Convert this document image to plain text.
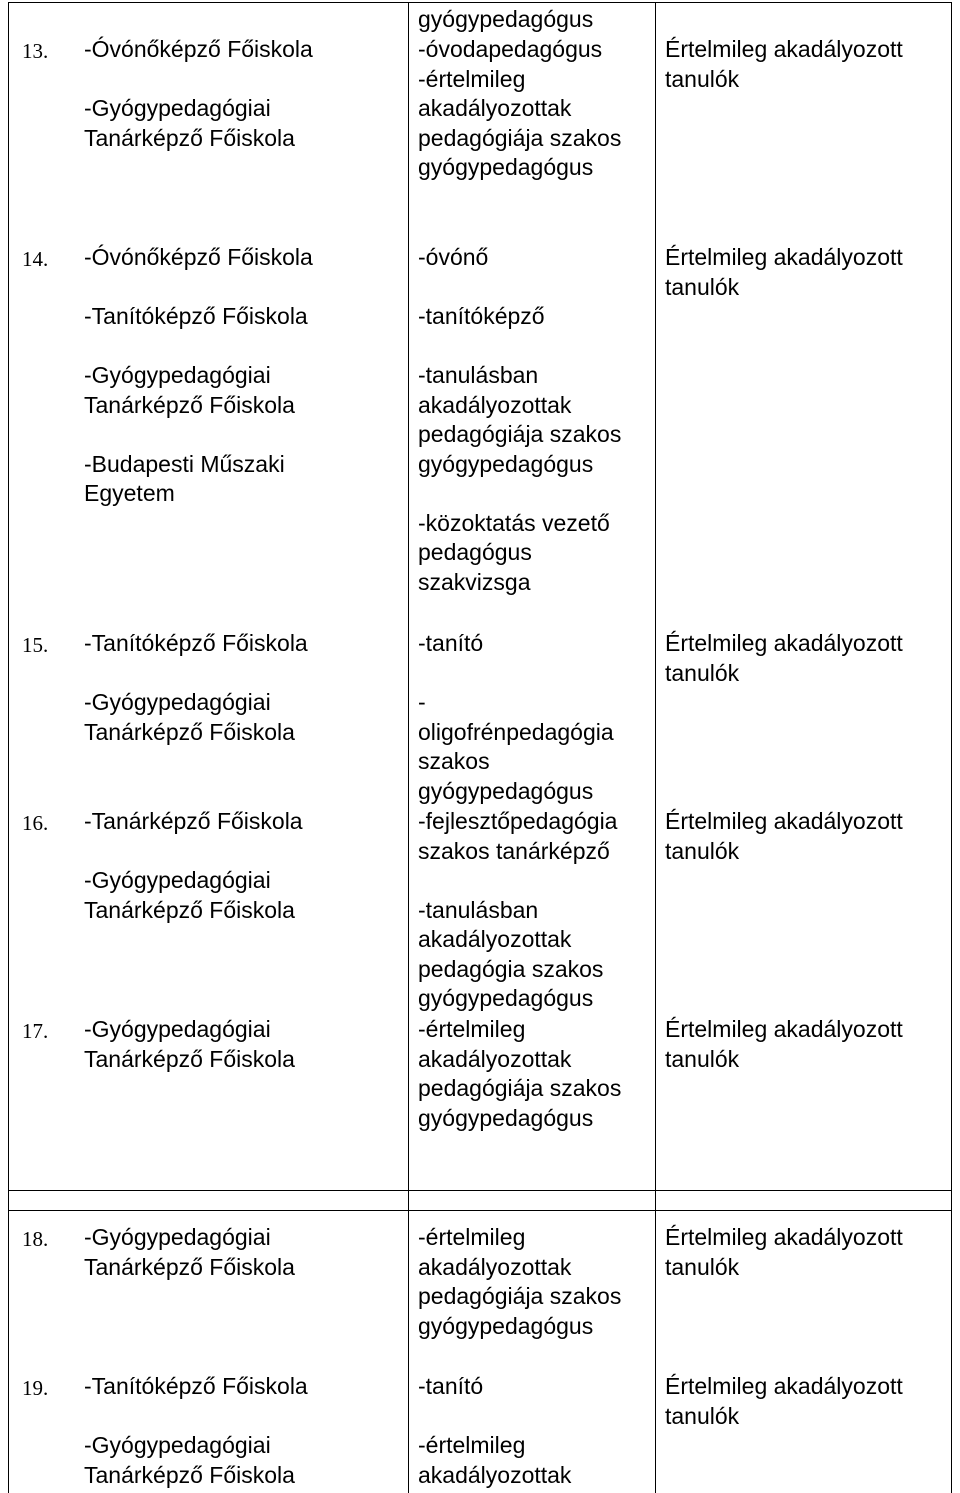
gyógypedagógus

13. -Óvónőképző Főiskola

-Gyógypedagógiai Tanárképző Főiskola

-óvodapedagógus

-értelmileg akadályozottak pedagógiája szakos gyógypedagógus

Értelmileg akadályozott tanulók

14. -Óvónőképző Főiskola

-Tanítóképző Főiskola

-Gyógypedagógiai Tanárképző Főiskola

-Budapesti Műszaki Egyetem

-óvónő

-tanítóképző

-tanulásban akadályozottak pedagógiája szakos gyógypedagógus

-közoktatás vezető pedagógus szakvizsga

Értelmileg akadályozott tanulók

15. -Tanítóképző Főiskola

-Gyógypedagógiai Tanárképző Főiskola

-tanító

-

oligofrénpedagógia szakos gyógypedagógus

Értelmileg akadályozott tanulók

16. -Tanárképző Főiskola

-Gyógypedagógiai Tanárképző Főiskola

-fejlesztőpedagógia szakos tanárképző

-tanulásban akadályozottak pedagógia szakos gyógypedagógus

Értelmileg akadályozott tanulók

17. -Gyógypedagógiai Tanárképző Főiskola

-értelmileg akadályozottak pedagógiája szakos gyógypedagógus

Értelmileg akadályozott tanulók

18. -Gyógypedagógiai Tanárképző Főiskola

-értelmileg akadályozottak pedagógiája szakos gyógypedagógus

Értelmileg akadályozott tanulók

19. -Tanítóképző Főiskola

-Gyógypedagógiai Tanárképző Főiskola

-tanító

-értelmileg akadályozottak

Értelmileg akadályozott tanulók
